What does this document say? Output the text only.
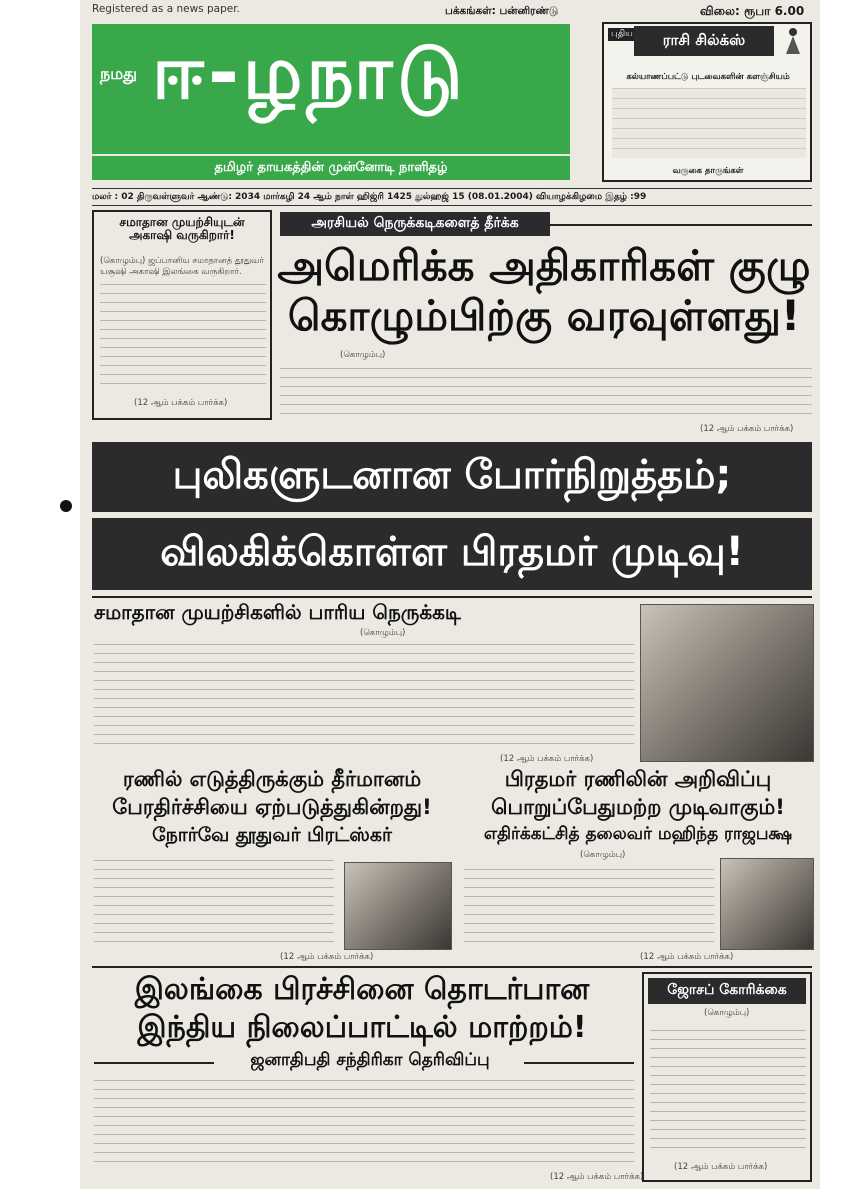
Registered as a news paper.	பக்கங்கள்: பன்னிரண்டு	விலை: ரூபா 6.00
நமது ஈ-ழநாடு
தமிழர் தாயகத்தின் முன்னோடி நாளிதழ்
புதிய	ராசி சில்க்ஸ்
கல்யாணப்பட்டு புடவைகளின் களஞ்சியம்
வருகை தாருங்கள்
மலர் : 02 திருவள்ளுவர் ஆண்டு: 2034 மார்கழி 24 ஆம் நாள் ஹிஜ்ரி 1425 துல்ஹஜ் 15 (08.01.2004) வியாழக்கிழமை இதழ் :99
சமாதான முயற்சியுடன் அகாஷி வருகிறார்!
(கொழும்பு) ஜப்பானிய சமாதானத் தூதுவர் யசூஷி அகாஷி இலங்கை வருகிறார்.
(12 ஆம் பக்கம் பார்க்க)
அரசியல் நெருக்கடிகளைத் தீர்க்க
அமெரிக்க அதிகாரிகள் குழு
கொழும்பிற்கு வரவுள்ளது!
(கொழும்பு)
(12 ஆம் பக்கம் பார்க்க)
புலிகளுடனான போர்நிறுத்தம்;
விலகிக்கொள்ள பிரதமர் முடிவு!
சமாதான முயற்சிகளில் பாரிய நெருக்கடி
(கொழும்பு)
(12 ஆம் பக்கம் பார்க்க)
ரணில் எடுத்திருக்கும் தீர்மானம்
பேரதிர்ச்சியை ஏற்படுத்துகின்றது!
நோர்வே தூதுவர் பிரட்ஸ்கர்
(12 ஆம் பக்கம் பார்க்க)
பிரதமர் ரணிலின் அறிவிப்பு
பொறுப்பேதுமற்ற முடிவாகும்!
எதிர்க்கட்சித் தலைவர் மஹிந்த ராஜபக்ஷ
(கொழும்பு)
(12 ஆம் பக்கம் பார்க்க)
இலங்கை பிரச்சினை தொடர்பான
இந்திய நிலைப்பாட்டில் மாற்றம்!
ஜனாதிபதி சந்திரிகா தெரிவிப்பு
(12 ஆம் பக்கம் பார்க்க)
ஜோசப் கோரிக்கை
(கொழும்பு)
(12 ஆம் பக்கம் பார்க்க)
